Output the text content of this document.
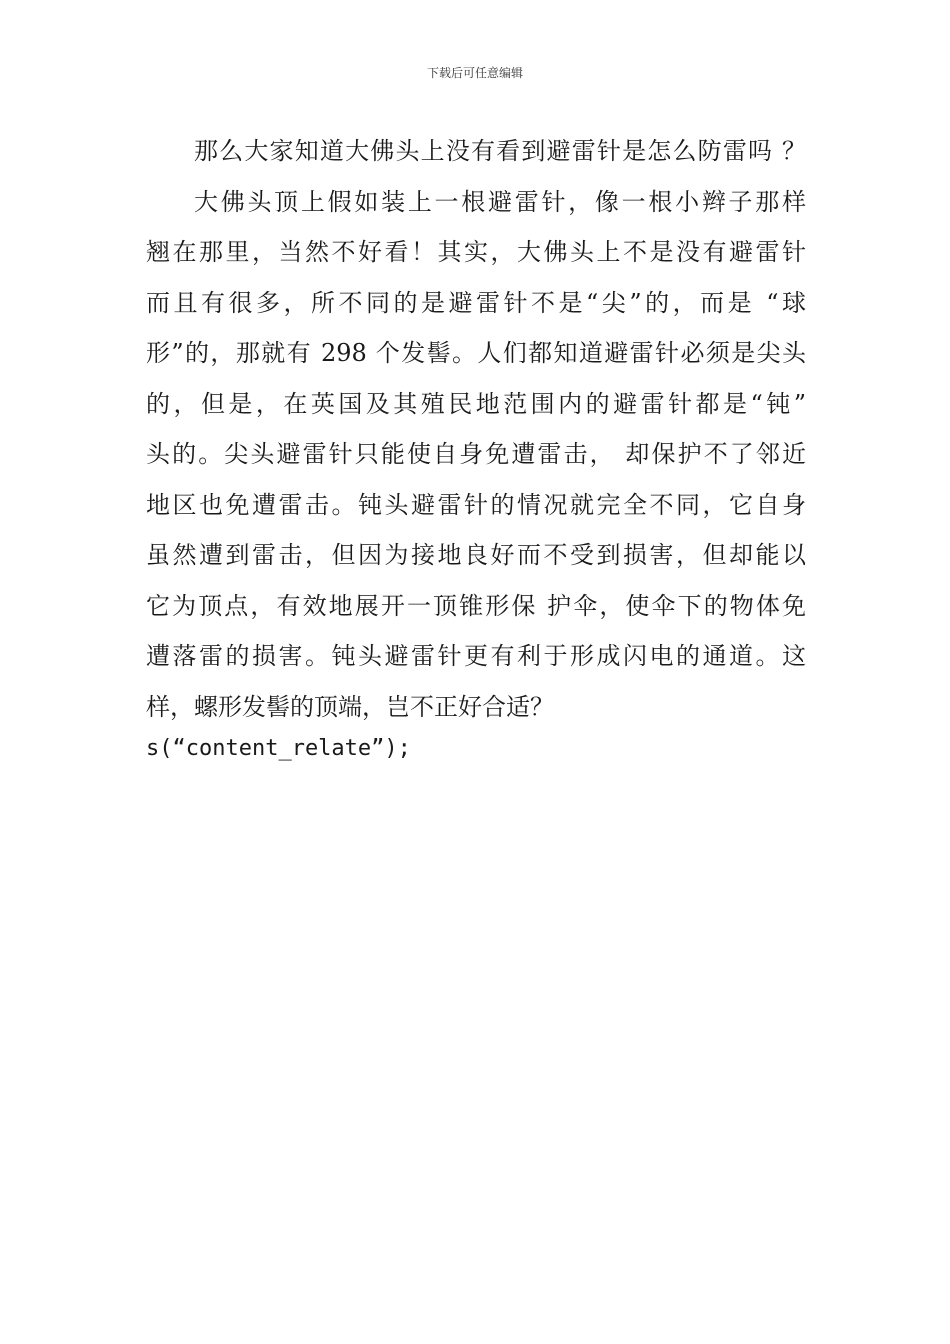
下载后可任意编辑
那么大家知道大佛头上没有看到避雷针是怎么防雷吗 ？
大佛头顶上假如装上一根避雷针，像一根小辫子那样
翘在那里，当然不好看！其实，大佛头上不是没有避雷针
而且有很多，所不同的是避雷针不是“尖”的，而是 “球
形”的，那就有 298 个发髻。人们都知道避雷针必须是尖头
的，但是，在英国及其殖民地范围内的避雷针都是“钝”
头的。尖头避雷针只能使自身免遭雷击， 却保护不了邻近
地区也免遭雷击。钝头避雷针的情况就完全不同，它自身
虽然遭到雷击，但因为接地良好而不受到损害，但却能以
它为顶点，有效地展开一顶锥形保 护伞，使伞下的物体免
遭落雷的损害。钝头避雷针更有利于形成闪电的通道。这
样，螺形发髻的顶端，岂不正好合适？
s(“content_relate”);
